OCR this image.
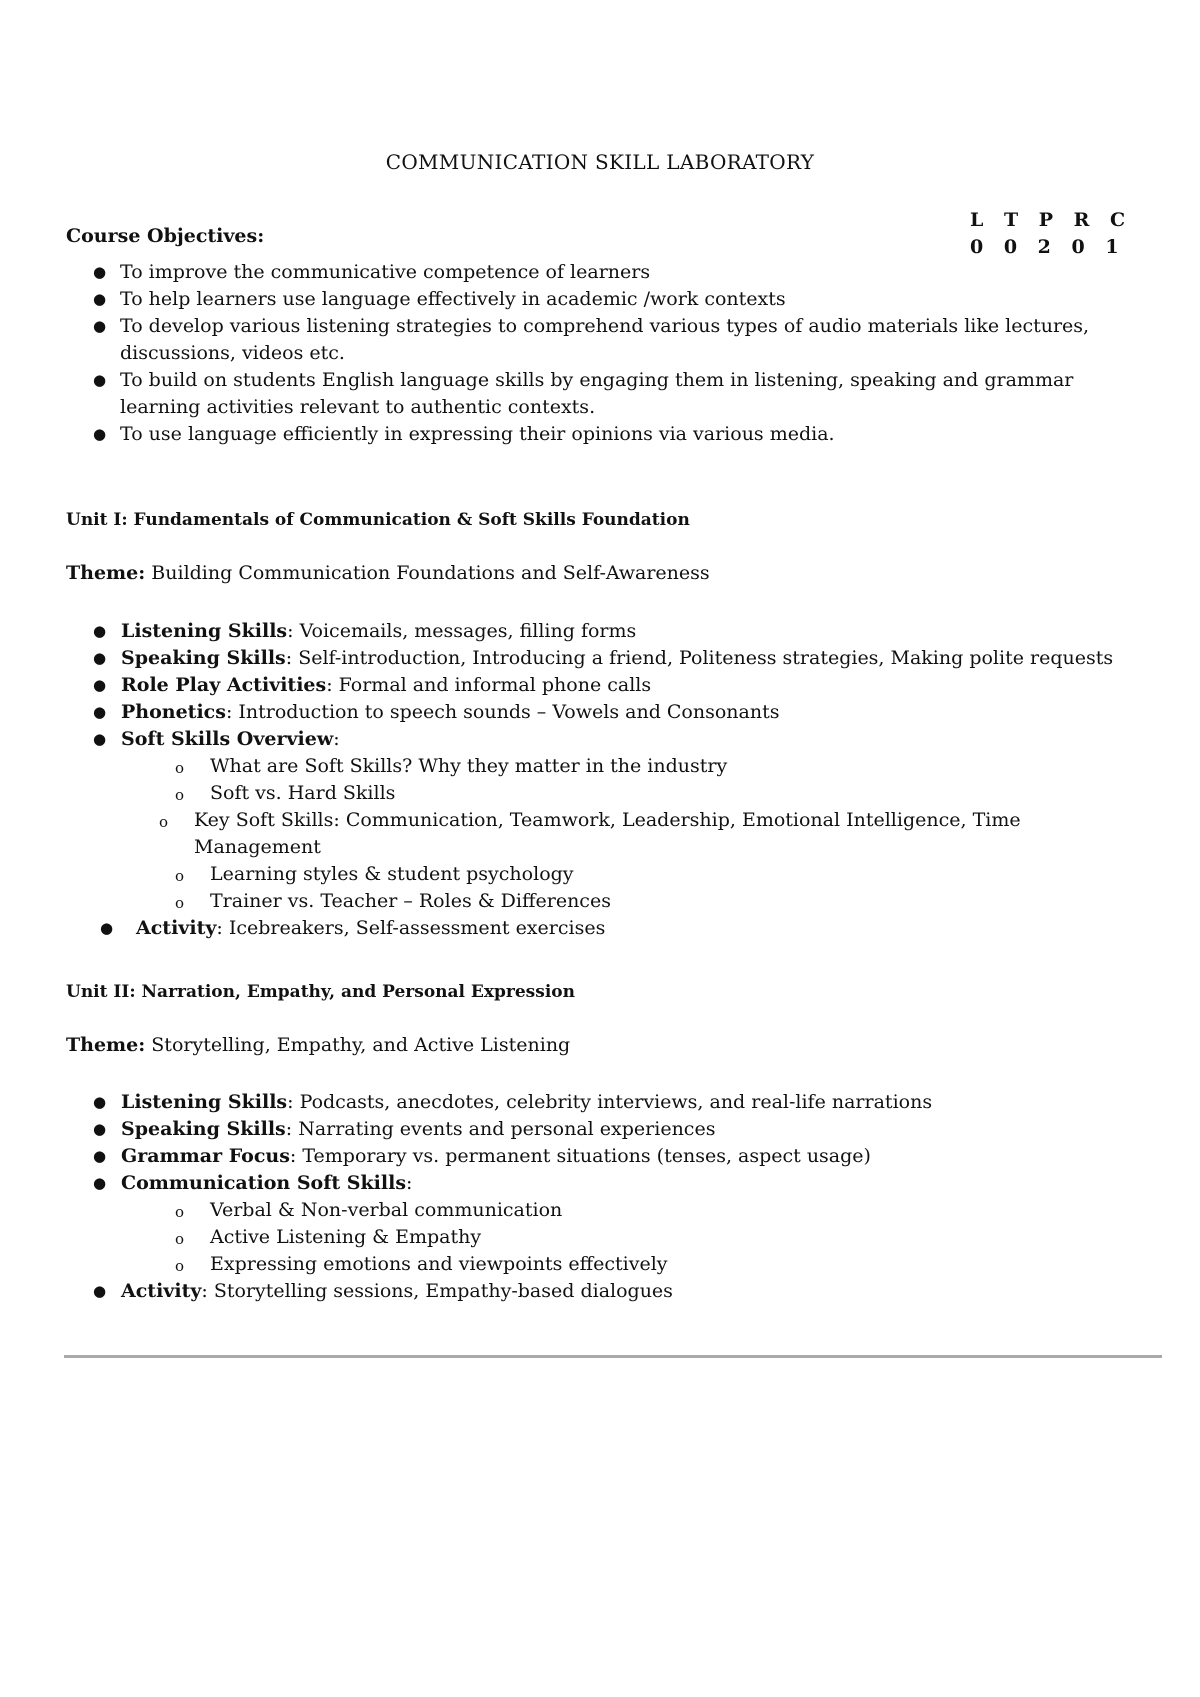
COMMUNICATION SKILL LABORATORY
L T P R C
0 0 2 0 1
Course Objectives:
● To improve the communicative competence of learners
● To help learners use language effectively in academic /work contexts
● To develop various listening strategies to comprehend various types of audio materials like lectures, discussions, videos etc.
● To build on students English language skills by engaging them in listening, speaking and grammar learning activities relevant to authentic contexts.
● To use language efficiently in expressing their opinions via various media.
Unit I: Fundamentals of Communication & Soft Skills Foundation
Theme: Building Communication Foundations and Self-Awareness
● Listening Skills: Voicemails, messages, filling forms
● Speaking Skills: Self-introduction, Introducing a friend, Politeness strategies, Making polite requests
● Role Play Activities: Formal and informal phone calls
● Phonetics: Introduction to speech sounds – Vowels and Consonants
● Soft Skills Overview:
o What are Soft Skills? Why they matter in the industry
o Soft vs. Hard Skills
o Key Soft Skills: Communication, Teamwork, Leadership, Emotional Intelligence, Time Management
o Learning styles & student psychology
o Trainer vs. Teacher – Roles & Differences
● Activity: Icebreakers, Self-assessment exercises
Unit II: Narration, Empathy, and Personal Expression
Theme: Storytelling, Empathy, and Active Listening
● Listening Skills: Podcasts, anecdotes, celebrity interviews, and real-life narrations
● Speaking Skills: Narrating events and personal experiences
● Grammar Focus: Temporary vs. permanent situations (tenses, aspect usage)
● Communication Soft Skills:
o Verbal & Non-verbal communication
o Active Listening & Empathy
o Expressing emotions and viewpoints effectively
● Activity: Storytelling sessions, Empathy-based dialogues
